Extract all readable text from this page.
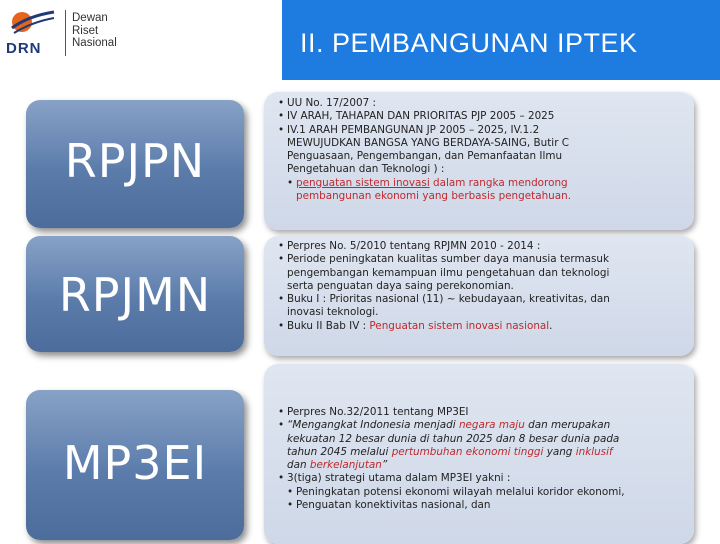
DRN
Dewan
Riset
Nasional	II. PEMBANGUNAN IPTEK
RPJPN
RPJMN
MP3EI
• UU No. 17/2007 :
• IV ARAH, TAHAPAN DAN PRIORITAS PJP 2005 – 2025
• IV.1 ARAH PEMBANGUNAN JP 2005 – 2025, IV.1.2
MEWUJUDKAN BANGSA YANG BERDAYA-SAING, Butir C
Penguasaan, Pengembangan, dan Pemanfaatan Ilmu
Pengetahuan dan Teknologi ) :
• penguatan sistem inovasi dalam rangka mendorong
pembangunan ekonomi yang berbasis pengetahuan.
• Perpres No. 5/2010 tentang RPJMN 2010 - 2014 :
• Periode peningkatan kualitas sumber daya manusia termasuk
pengembangan kemampuan ilmu pengetahuan dan teknologi
serta penguatan daya saing perekonomian.
• Buku I : Prioritas nasional (11) ~ kebudayaan, kreativitas, dan
inovasi teknologi.
• Buku II Bab IV : Penguatan sistem inovasi nasional.
• Perpres No.32/2011 tentang MP3EI
• “Mengangkat Indonesia menjadi negara maju dan merupakan
kekuatan 12 besar dunia di tahun 2025 dan 8 besar dunia pada
tahun 2045 melalui pertumbuhan ekonomi tinggi yang inklusif
dan berkelanjutan”
• 3(tiga) strategi utama dalam MP3EI yakni :
• Peningkatan potensi ekonomi wilayah melalui koridor ekonomi,
• Penguatan konektivitas nasional, dan
